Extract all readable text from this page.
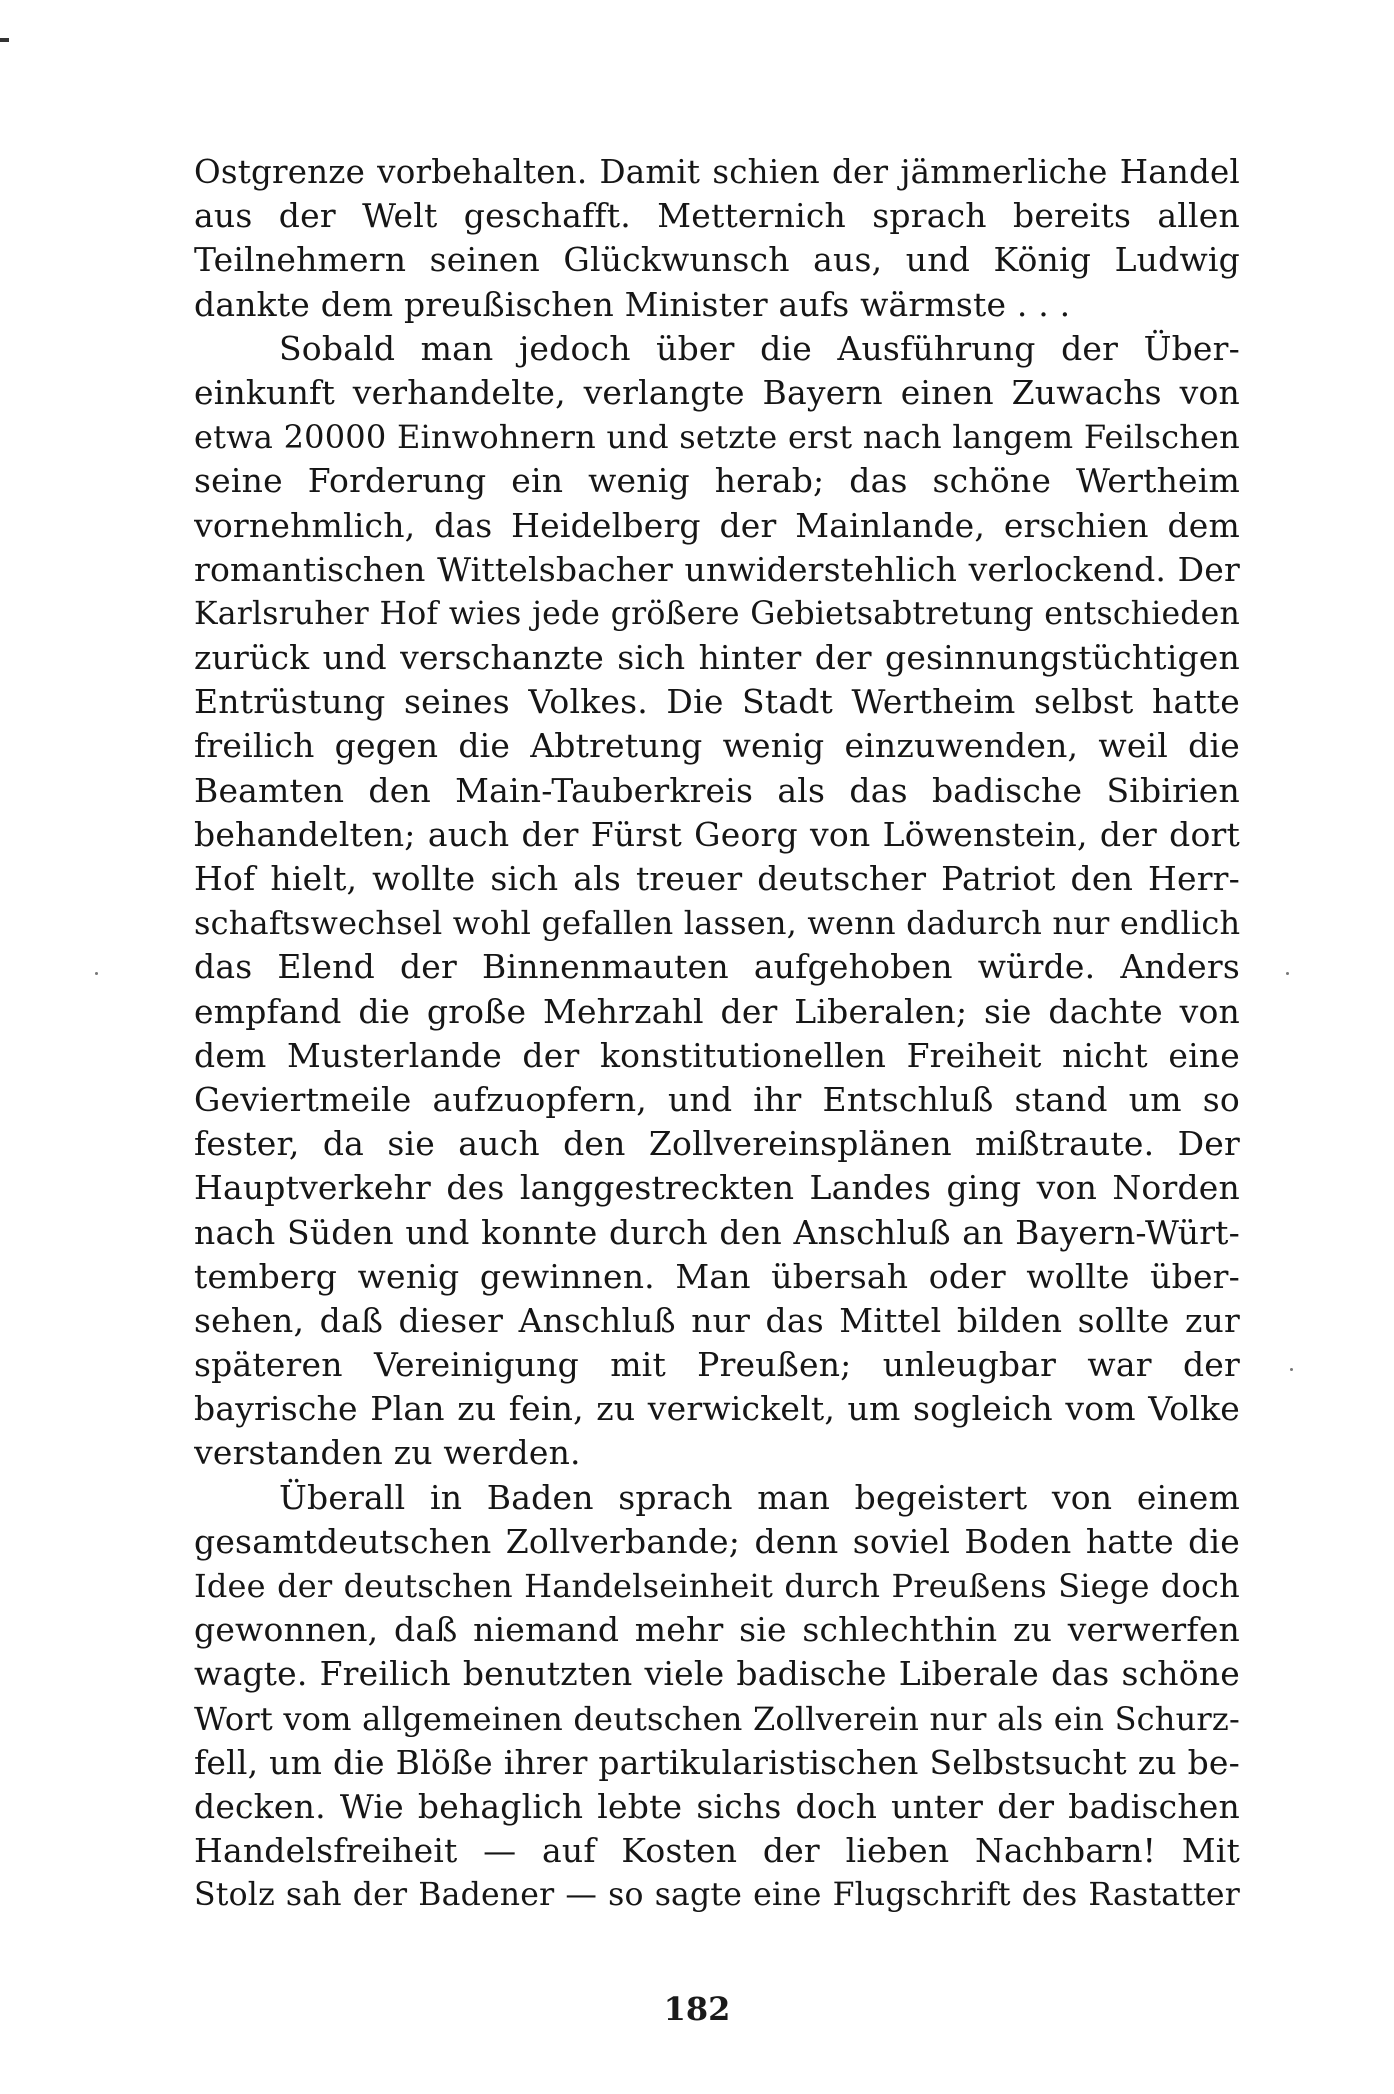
Ostgrenze vorbehalten. Damit schien der jämmerliche Handel
aus der Welt geschafft. Metternich sprach bereits allen
Teilnehmern seinen Glückwunsch aus, und König Ludwig
dankte dem preußischen Minister aufs wärmste . . .
Sobald man jedoch über die Ausführung der Über-
einkunft verhandelte, verlangte Bayern einen Zuwachs von
etwa 20000 Einwohnern und setzte erst nach langem Feilschen
seine Forderung ein wenig herab; das schöne Wertheim
vornehmlich, das Heidelberg der Mainlande, erschien dem
romantischen Wittelsbacher unwiderstehlich verlockend. Der
Karlsruher Hof wies jede größere Gebietsabtretung entschieden
zurück und verschanzte sich hinter der gesinnungstüchtigen
Entrüstung seines Volkes. Die Stadt Wertheim selbst hatte
freilich gegen die Abtretung wenig einzuwenden, weil die
Beamten den Main-Tauberkreis als das badische Sibirien
behandelten; auch der Fürst Georg von Löwenstein, der dort
Hof hielt, wollte sich als treuer deutscher Patriot den Herr-
schaftswechsel wohl gefallen lassen, wenn dadurch nur endlich
das Elend der Binnenmauten aufgehoben würde. Anders
empfand die große Mehrzahl der Liberalen; sie dachte von
dem Musterlande der konstitutionellen Freiheit nicht eine
Geviertmeile aufzuopfern, und ihr Entschluß stand um so
fester, da sie auch den Zollvereinsplänen mißtraute. Der
Hauptverkehr des langgestreckten Landes ging von Norden
nach Süden und konnte durch den Anschluß an Bayern-Würt-
temberg wenig gewinnen. Man übersah oder wollte über-
sehen, daß dieser Anschluß nur das Mittel bilden sollte zur
späteren Vereinigung mit Preußen; unleugbar war der
bayrische Plan zu fein, zu verwickelt, um sogleich vom Volke
verstanden zu werden.
Überall in Baden sprach man begeistert von einem
gesamtdeutschen Zollverbande; denn soviel Boden hatte die
Idee der deutschen Handelseinheit durch Preußens Siege doch
gewonnen, daß niemand mehr sie schlechthin zu verwerfen
wagte. Freilich benutzten viele badische Liberale das schöne
Wort vom allgemeinen deutschen Zollverein nur als ein Schurz-
fell, um die Blöße ihrer partikularistischen Selbstsucht zu be-
decken. Wie behaglich lebte sichs doch unter der badischen
Handelsfreiheit — auf Kosten der lieben Nachbarn! Mit
Stolz sah der Badener — so sagte eine Flugschrift des Rastatter
182
